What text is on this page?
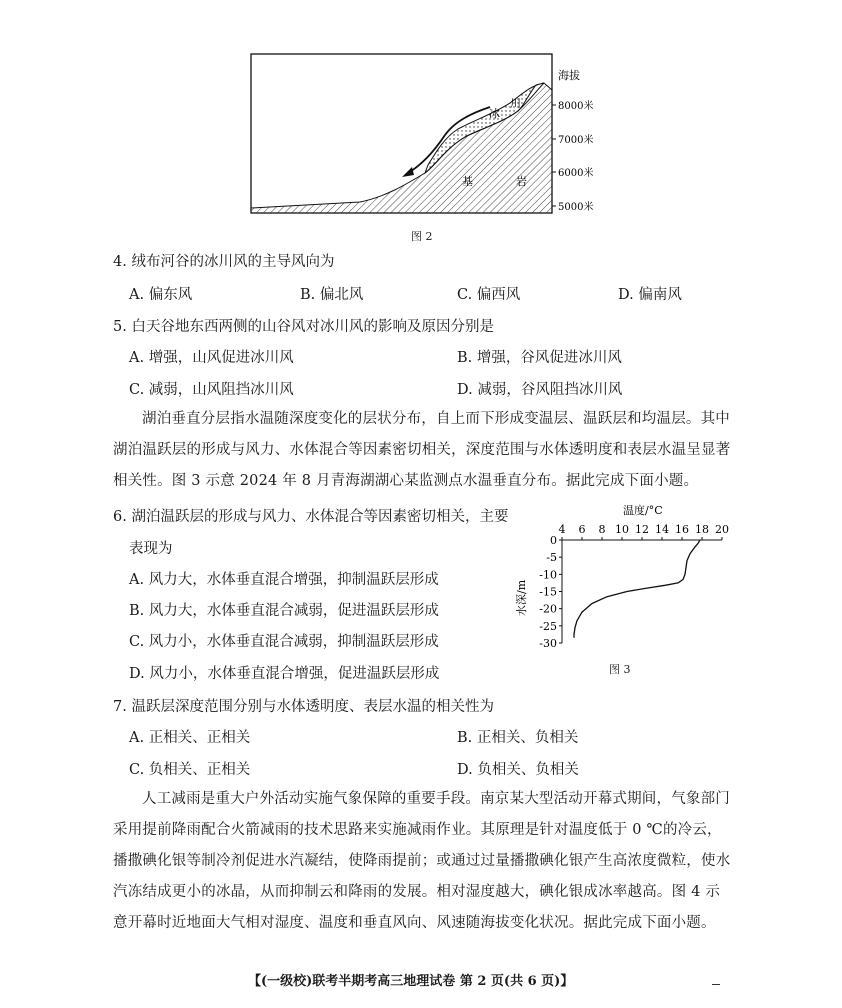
冰
川
基	岩
海拔
8000米
7000米
6000米
5000米
图 2
4. 绒布河谷的冰川风的主导风向为
A. 偏东风	B. 偏北风	C. 偏西风	D. 偏南风
5. 白天谷地东西两侧的山谷风对冰川风的影响及原因分别是
A. 增强，山风促进冰川风	B. 增强，谷风促进冰川风
C. 减弱，山风阻挡冰川风	D. 减弱，谷风阻挡冰川风
湖泊垂直分层指水温随深度变化的层状分布，自上而下形成变温层、温跃层和均温层。其中湖泊温跃层的形成与风力、水体混合等因素密切相关，深度范围与水体透明度和表层水温呈显著相关性。图 3 示意 2024 年 8 月青海湖湖心某监测点水温垂直分布。据此完成下面小题。
6. 湖泊温跃层的形成与风力、水体混合等因素密切相关，主要
表现为
A. 风力大，水体垂直混合增强，抑制温跃层形成
B. 风力大，水体垂直混合减弱，促进温跃层形成
C. 风力小，水体垂直混合减弱，抑制温跃层形成
D. 风力小，水体垂直混合增强，促进温跃层形成
温度/°C
水深/m
4 6 8 10 12 14 16 18 20
0
-5
-10
-15
-20
-25
-30
图 3
7. 温跃层深度范围分别与水体透明度、表层水温的相关性为
A. 正相关、正相关	B. 正相关、负相关
C. 负相关、正相关	D. 负相关、负相关
人工减雨是重大户外活动实施气象保障的重要手段。南京某大型活动开幕式期间，气象部门采用提前降雨配合火箭减雨的技术思路来实施减雨作业。其原理是针对温度低于 0 ℃的冷云，播撒碘化银等制冷剂促进水汽凝结，使降雨提前；或通过过量播撒碘化银产生高浓度微粒，使水汽冻结成更小的冰晶，从而抑制云和降雨的发展。相对湿度越大，碘化银成冰率越高。图 4 示意开幕时近地面大气相对湿度、温度和垂直风向、风速随海拔变化状况。据此完成下面小题。
【(一级校)联考半期考高三地理试卷 第 2 页(共 6 页)】
